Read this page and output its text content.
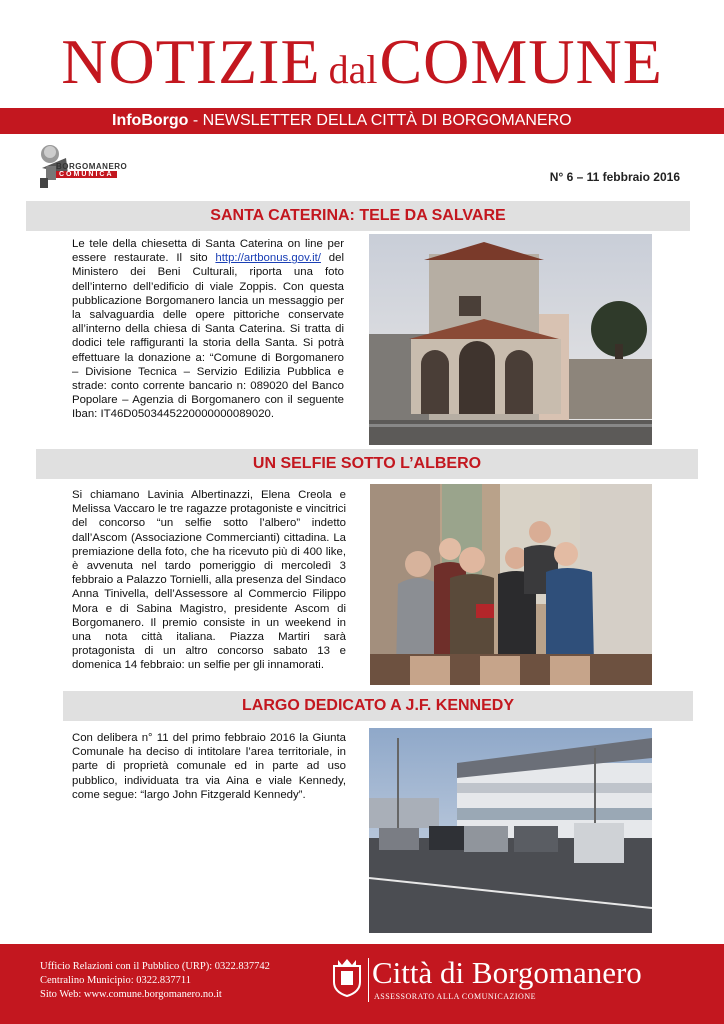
NOTIZIE dalCOMUNE
InfoBorgo - NEWSLETTER DELLA CITTÀ DI BORGOMANERO
BORGOMANERO
COMUNICA	N° 6 – 11 febbraio 2016
SANTA CATERINA: TELE DA SALVARE
Le tele della chiesetta di Santa Caterina on line per essere restaurate. Il sito http://artbonus.gov.it/ del Ministero dei Beni Culturali, riporta una foto dell’interno dell’edificio di viale Zoppis. Con questa pubblicazione Borgomanero lancia un messaggio per la salvaguardia delle opere pittoriche conservate all’interno della chiesa di Santa Caterina. Si tratta di dodici tele raffiguranti la storia della Santa. Si potrà effettuare la donazione a: “Comune di Borgomanero – Divisione Tecnica – Servizio Edilizia Pubblica e strade: conto corrente bancario n: 089020 del Banco Popolare – Agenzia di Borgomanero con il seguente Iban: IT46D0503445220000000089020.
UN SELFIE SOTTO L’ALBERO
Si chiamano Lavinia Albertinazzi, Elena Creola e Melissa Vaccaro le tre ragazze protagoniste e vincitrici del concorso “un selfie sotto l’albero” indetto dall’Ascom (Associazione Commercianti) cittadina. La premiazione della foto, che ha ricevuto più di 400 like, è avvenuta nel tardo pomeriggio di mercoledì 3 febbraio a Palazzo Tornielli, alla presenza del Sindaco Anna Tinivella, dell’Assessore al Commercio Filippo Mora e di Sabina Magistro, presidente Ascom di Borgomanero. Il premio consiste in un weekend in una nota città italiana. Piazza Martiri sarà protagonista di un altro concorso sabato 13 e domenica 14 febbraio: un selfie per gli innamorati.
LARGO DEDICATO A J.F. KENNEDY
Con delibera n° 11 del primo febbraio 2016 la Giunta Comunale ha deciso di intitolare l’area territoriale, in parte di proprietà comunale ed in parte ad uso pubblico, individuata tra via Aina e viale Kennedy, come segue: “largo John Fitzgerald Kennedy”.
Ufficio Relazioni con il Pubblico (URP): 0322.837742
Centralino Municipio: 0322.837711
Sito Web: www.comune.borgomanero.no.it
Città di Borgomanero
ASSESSORATO ALLA COMUNICAZIONE
